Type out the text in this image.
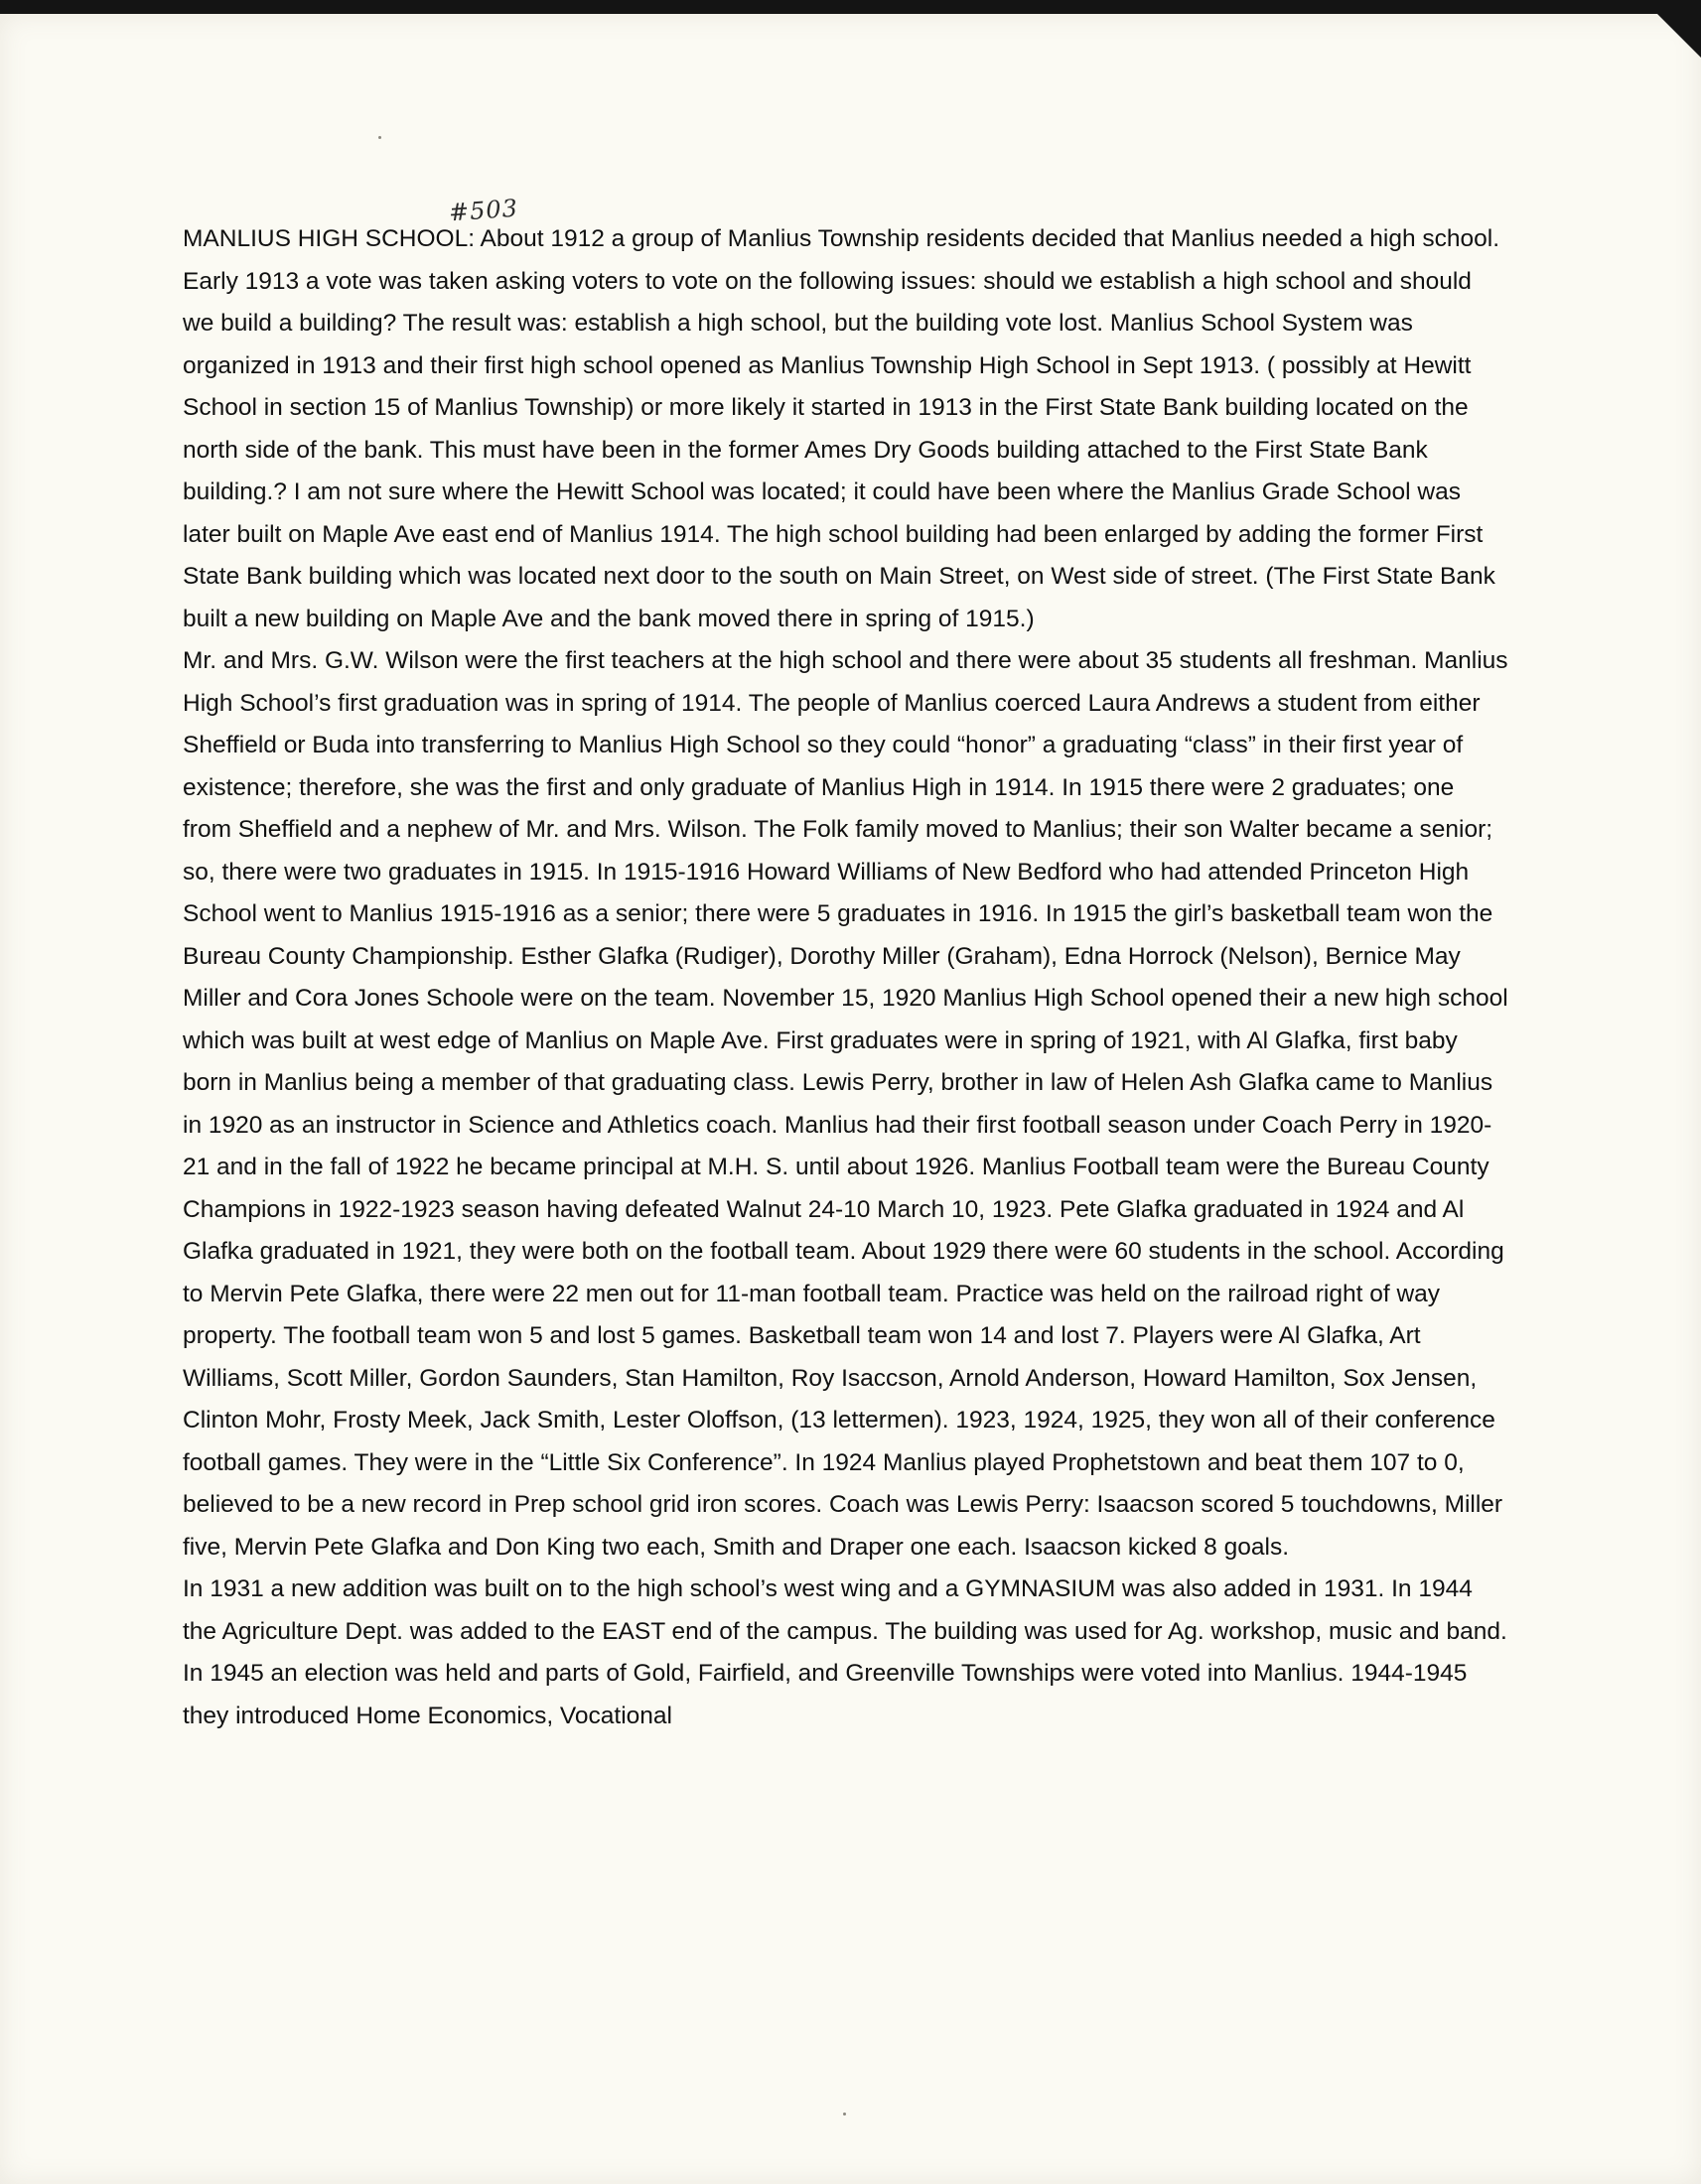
#503

MANLIUS HIGH SCHOOL: About 1912 a group of Manlius Township residents decided that Manlius needed a high school. Early 1913 a vote was taken asking voters to vote on the following issues: should we establish a high school and should we build a building? The result was: establish a high school, but the building vote lost. Manlius School System was organized in 1913 and their first high school opened as Manlius Township High School in Sept 1913. ( possibly at Hewitt School in section 15 of Manlius Township) or more likely it started in 1913 in the First State Bank building located on the north side of the bank. This must have been in the former Ames Dry Goods building attached to the First State Bank building.? I am not sure where the Hewitt School was located; it could have been where the Manlius Grade School was later built on Maple Ave east end of Manlius 1914. The high school building had been enlarged by adding the former First State Bank building which was located next door to the south on Main Street, on West side of street. (The First State Bank built a new building on Maple Ave and the bank moved there in spring of 1915.)

Mr. and Mrs. G.W. Wilson were the first teachers at the high school and there were about 35 students all freshman. Manlius High School’s first graduation was in spring of 1914. The people of Manlius coerced Laura Andrews a student from either Sheffield or Buda into transferring to Manlius High School so they could “honor” a graduating “class” in their first year of existence; therefore, she was the first and only graduate of Manlius High in 1914. In 1915 there were 2 graduates; one from Sheffield and a nephew of Mr. and Mrs. Wilson. The Folk family moved to Manlius; their son Walter became a senior; so, there were two graduates in 1915. In 1915-1916 Howard Williams of New Bedford who had attended Princeton High School went to Manlius 1915-1916 as a senior; there were 5 graduates in 1916. In 1915 the girl’s basketball team won the Bureau County Championship. Esther Glafka (Rudiger), Dorothy Miller (Graham), Edna Horrock (Nelson), Bernice May Miller and Cora Jones Schoole were on the team. November 15, 1920 Manlius High School opened their a new high school which was built at west edge of Manlius on Maple Ave. First graduates were in spring of 1921, with Al Glafka, first baby born in Manlius being a member of that graduating class. Lewis Perry, brother in law of Helen Ash Glafka came to Manlius in 1920 as an instructor in Science and Athletics coach. Manlius had their first football season under Coach Perry in 1920-21 and in the fall of 1922 he became principal at M.H. S. until about 1926. Manlius Football team were the Bureau County Champions in 1922-1923 season having defeated Walnut 24-10 March 10, 1923. Pete Glafka graduated in 1924 and Al Glafka graduated in 1921, they were both on the football team. About 1929 there were 60 students in the school. According to Mervin Pete Glafka, there were 22 men out for 11-man football team. Practice was held on the railroad right of way property. The football team won 5 and lost 5 games. Basketball team won 14 and lost 7. Players were Al Glafka, Art Williams, Scott Miller, Gordon Saunders, Stan Hamilton, Roy Isaccson, Arnold Anderson, Howard Hamilton, Sox Jensen, Clinton Mohr, Frosty Meek, Jack Smith, Lester Oloffson, (13 lettermen). 1923, 1924, 1925, they won all of their conference football games. They were in the “Little Six Conference”. In 1924 Manlius played Prophetstown and beat them 107 to 0, believed to be a new record in Prep school grid iron scores. Coach was Lewis Perry: Isaacson scored 5 touchdowns, Miller five, Mervin Pete Glafka and Don King two each, Smith and Draper one each. Isaacson kicked 8 goals.

In 1931 a new addition was built on to the high school’s west wing and a GYMNASIUM was also added in 1931. In 1944 the Agriculture Dept. was added to the EAST end of the campus. The building was used for Ag. workshop, music and band. In 1945 an election was held and parts of Gold, Fairfield, and Greenville Townships were voted into Manlius. 1944-1945 they introduced Home Economics, Vocational
